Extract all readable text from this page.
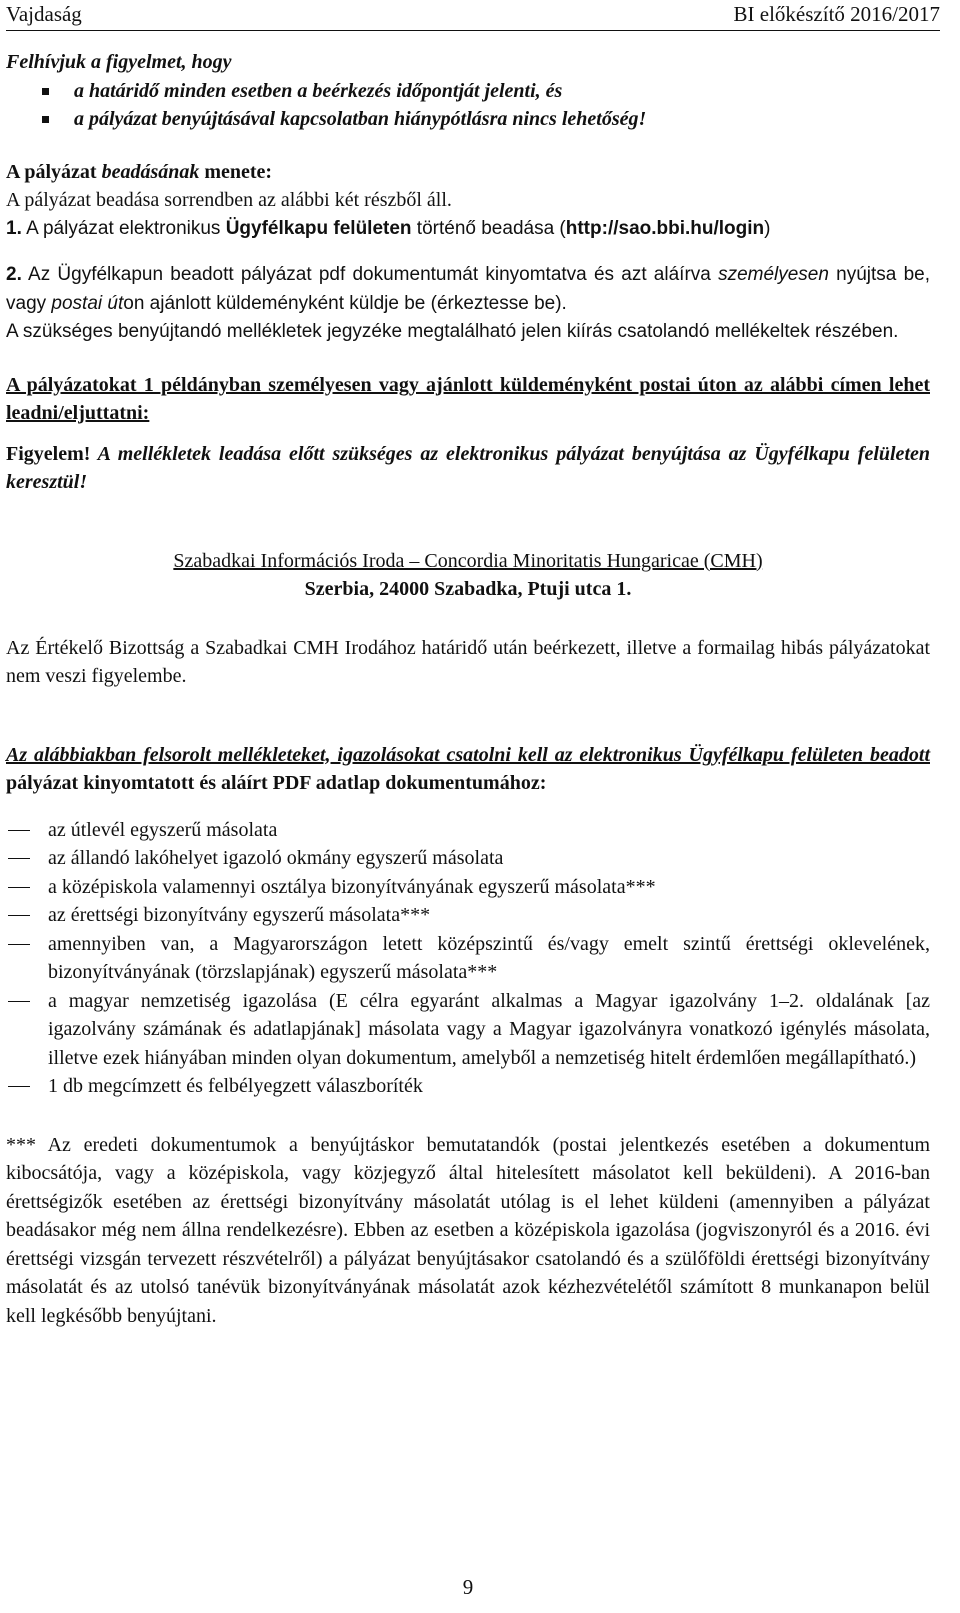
Vajdaság	BI előkészítő 2016/2017
Felhívjuk a figyelmet, hogy
a határidő minden esetben a beérkezés időpontját jelenti, és
a pályázat benyújtásával kapcsolatban hiánypótlásra nincs lehetőség!
A pályázat beadásának menete:
A pályázat beadása sorrendben az alábbi két részből áll.
1. A pályázat elektronikus Ügyfélkapu felületen történő beadása (http://sao.bbi.hu/login)
2. Az Ügyfélkapun beadott pályázat pdf dokumentumát kinyomtatva és azt aláírva személyesen nyújtsa be, vagy postai úton ajánlott küldeményként küldje be (érkeztesse be).
A szükséges benyújtandó mellékletek jegyzéke megtalálható jelen kiírás csatolandó mellékeltek részében.
A pályázatokat 1 példányban személyesen vagy ajánlott küldeményként postai úton az alábbi címen lehet leadni/eljuttatni:
Figyelem! A mellékletek leadása előtt szükséges az elektronikus pályázat benyújtása az Ügyfélkapu felületen keresztül!
Szabadkai Információs Iroda – Concordia Minoritatis Hungaricae (CMH)
Szerbia, 24000 Szabadka, Ptuji utca 1.
Az Értékelő Bizottság a Szabadkai CMH Irodához határidő után beérkezett, illetve a formailag hibás pályázatokat nem veszi figyelembe.
Az alábbiakban felsorolt mellékleteket, igazolásokat csatolni kell az elektronikus Ügyfélkapu felületen beadott pályázat kinyomtatott és aláírt PDF adatlap dokumentumához:
az útlevél egyszerű másolata
az állandó lakóhelyet igazoló okmány egyszerű másolata
a középiskola valamennyi osztálya bizonyítványának egyszerű másolata***
az érettségi bizonyítvány egyszerű másolata***
amennyiben van, a Magyarországon letett középszintű és/vagy emelt szintű érettségi oklevelének, bizonyítványának (törzslapjának) egyszerű másolata***
a magyar nemzetiség igazolása (E célra egyaránt alkalmas a Magyar igazolvány 1–2. oldalának [az igazolvány számának és adatlapjának] másolata vagy a Magyar igazolványra vonatkozó igénylés másolata, illetve ezek hiányában minden olyan dokumentum, amelyből a nemzetiség hitelt érdemlően megállapítható.)
1 db megcímzett és felbélyegzett válaszboríték
*** Az eredeti dokumentumok a benyújtáskor bemutatandók (postai jelentkezés esetében a dokumentum kibocsátója, vagy a középiskola, vagy közjegyző által hitelesített másolatot kell beküldeni). A 2016-ban érettségizők esetében az érettségi bizonyítvány másolatát utólag is el lehet küldeni (amennyiben a pályázat beadásakor még nem állna rendelkezésre). Ebben az esetben a középiskola igazolása (jogviszonyról és a 2016. évi érettségi vizsgán tervezett részvételről) a pályázat benyújtásakor csatolandó és a szülőföldi érettségi bizonyítvány másolatát és az utolsó tanévük bizonyítványának másolatát azok kézhezvételétől számított 8 munkanapon belül kell legkésőbb benyújtani.
9
